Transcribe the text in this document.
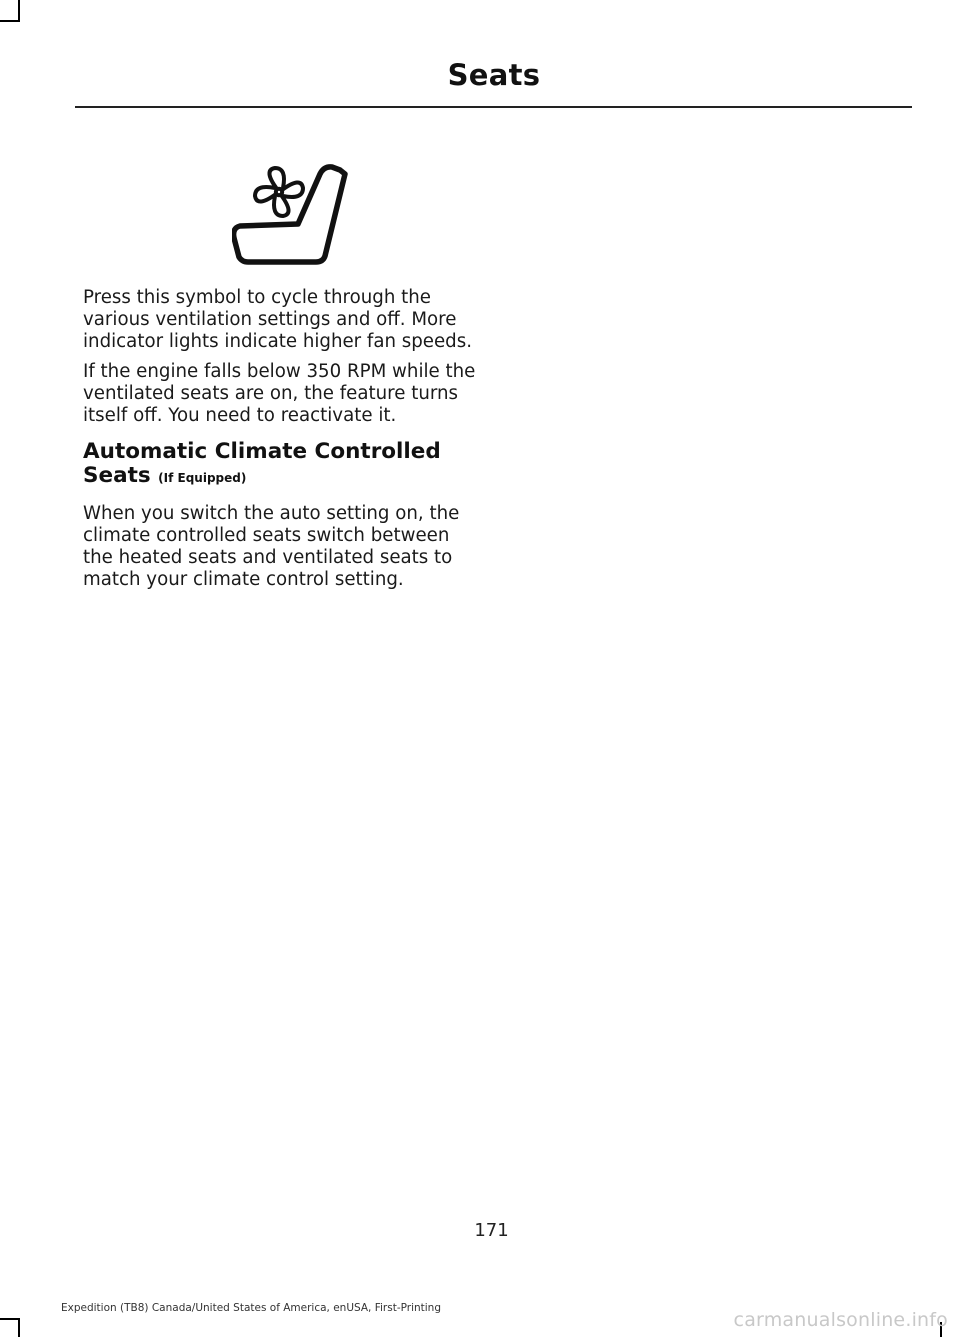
Seats

Press this symbol to cycle through the various ventilation settings and off. More indicator lights indicate higher fan speeds.

If the engine falls below 350 RPM while the ventilated seats are on, the feature turns itself off. You need to reactivate it.

Automatic Climate Controlled Seats (If Equipped)

When you switch the auto setting on, the climate controlled seats switch between the heated seats and ventilated seats to match your climate control setting.

171
Expedition (TB8) Canada/United States of America, enUSA, First-Printing
carmanualsonline.info
